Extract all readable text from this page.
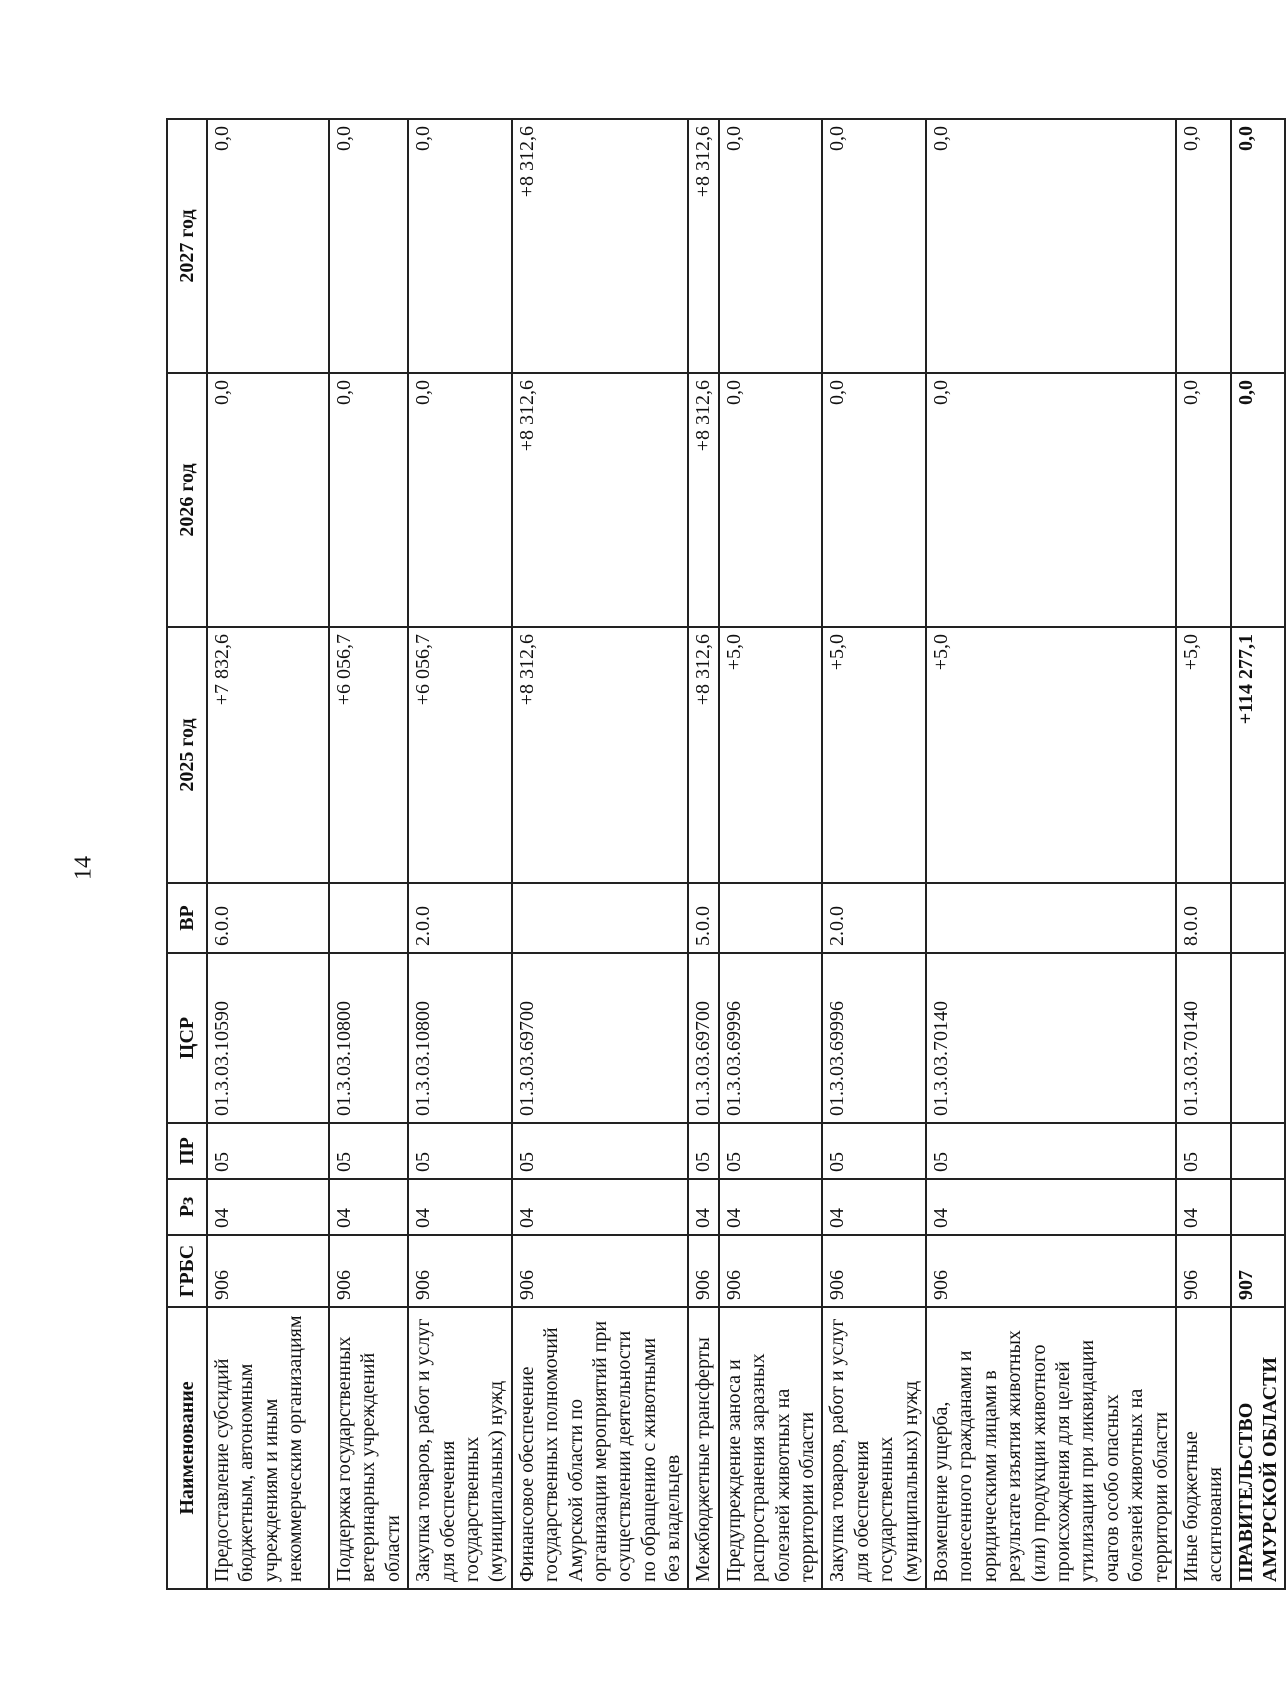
14
Наименование	ГРБС	Рз	ПР	ЦСР	ВР	2025 год	2026 год	2027 год
Предоставление субсидий бюджетным, автономным учреждениям и иным некоммерческим организациям	906	04	05	01.3.03.10590	6.0.0	+7 832,6	0,0	0,0
Поддержка государственных ветеринарных учреждений области	906	04	05	01.3.03.10800		+6 056,7	0,0	0,0
Закупка товаров, работ и услуг для обеспечения государственных (муниципальных) нужд	906	04	05	01.3.03.10800	2.0.0	+6 056,7	0,0	0,0
Финансовое обеспечение государственных полномочий Амурской области по организации мероприятий при осуществлении деятельности по обращению с животными без владельцев	906	04	05	01.3.03.69700		+8 312,6	+8 312,6	+8 312,6
Межбюджетные трансферты	906	04	05	01.3.03.69700	5.0.0	+8 312,6	+8 312,6	+8 312,6
Предупреждение заноса и распространения заразных болезней животных на территории области	906	04	05	01.3.03.69996		+5,0	0,0	0,0
Закупка товаров, работ и услуг для обеспечения государственных (муниципальных) нужд	906	04	05	01.3.03.69996	2.0.0	+5,0	0,0	0,0
Возмещение ущерба, понесенного гражданами и юридическими лицами в результате изъятия животных (или) продукции животного происхождения для целей утилизации при ликвидации очагов особо опасных болезней животных на территории области	906	04	05	01.3.03.70140		+5,0	0,0	0,0
Иные бюджетные ассигнования	906	04	05	01.3.03.70140	8.0.0	+5,0	0,0	0,0
ПРАВИТЕЛЬСТВО АМУРСКОЙ ОБЛАСТИ	907					+114 277,1	0,0	0,0
